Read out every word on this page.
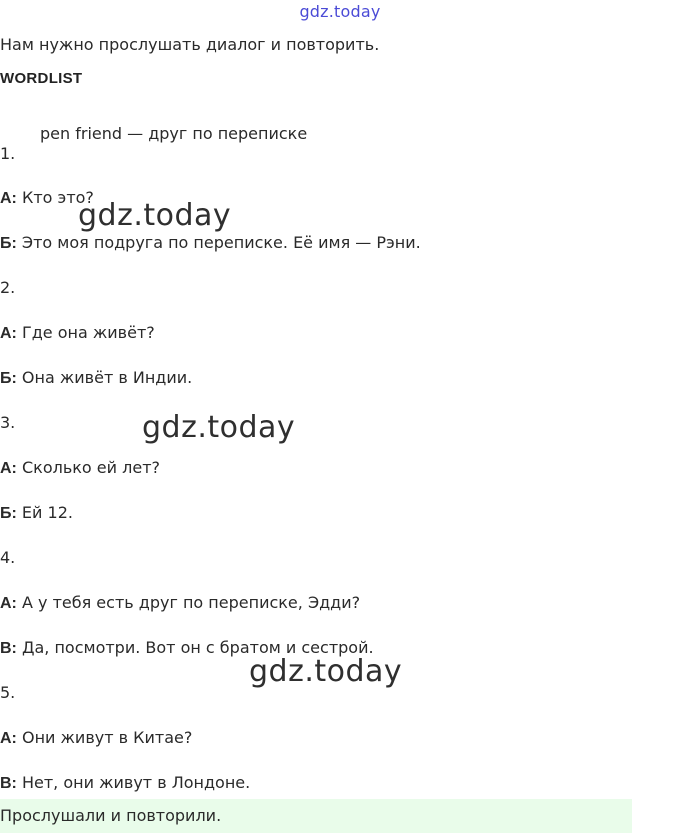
gdz.today
Нам нужно прослушать диалог и повторить.
WORDLIST
pen friend — друг по переписке
1.
А: Кто это?
Б: Это моя подруга по переписке. Её имя — Рэни.
2.
А: Где она живёт?
Б: Она живёт в Индии.
3.
А: Сколько ей лет?
Б: Ей 12.
4.
А: А у тебя есть друг по переписке, Эдди?
В: Да, посмотри. Вот он с братом и сестрой.
5.
А: Они живут в Китае?
В: Нет, они живут в Лондоне.
gdz.today
gdz.today
gdz.today
Прослушали и повторили.
